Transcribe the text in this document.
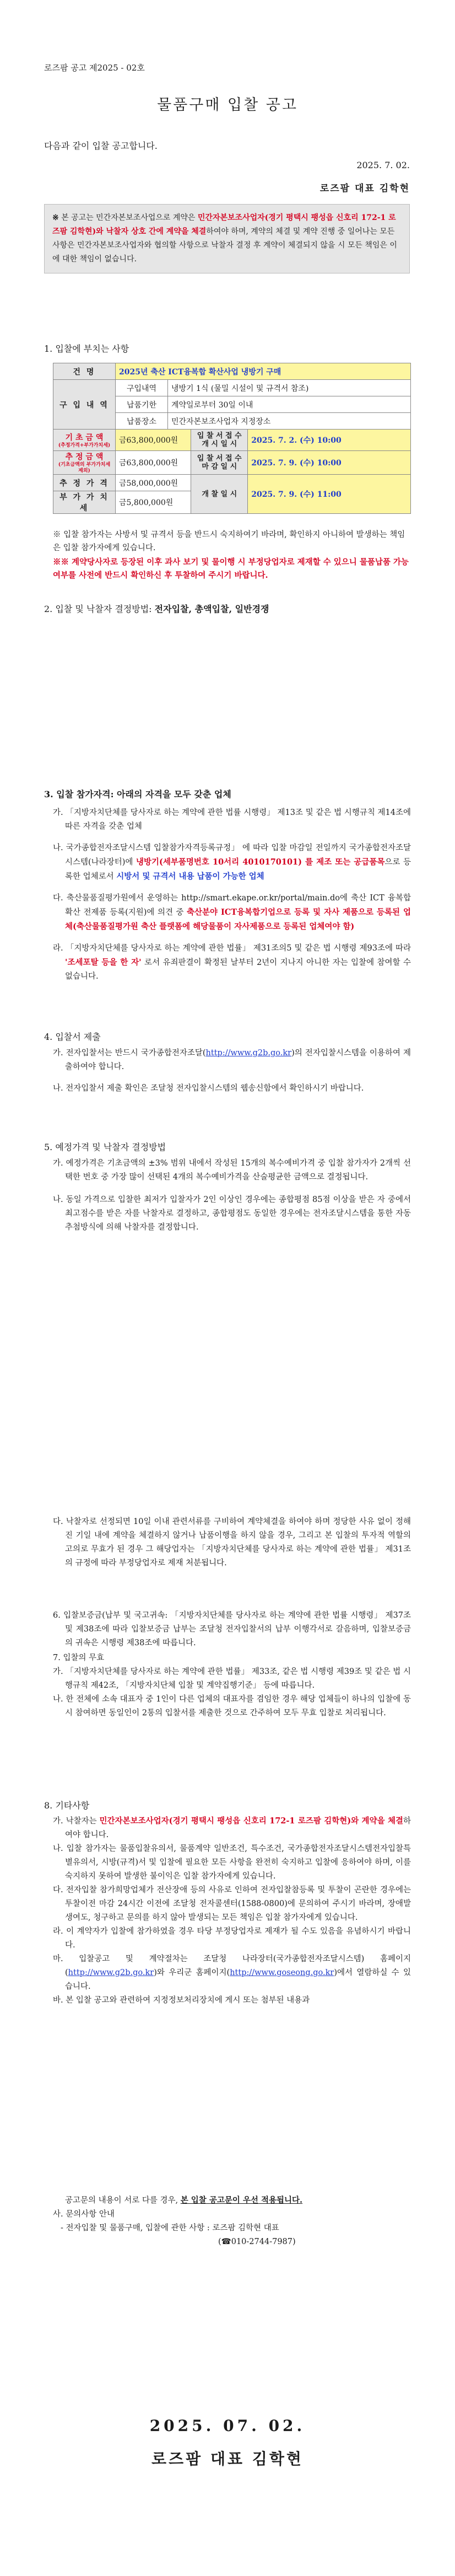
로즈팜 공고 제2025 - 02호
물품구매 입찰 공고
다음과 같이 입찰 공고합니다.
2025. 7. 02.
로즈팜 대표 김학현
※ 본 공고는 민간자본보조사업으로 계약은 민간자본보조사업자(경기 평택시 팽성읍 신호리 172-1 로즈팜 김학현)와 낙찰자 상호 간에 계약을 체결하여야 하며, 계약의 체결 및 계약 진행 중 일어나는 모든 사항은 민간자본보조사업자와 협의할 사항으로 낙찰자 결정 후 계약이 체결되지 않을 시 모든 책임은 이에 대한 책임이 없습니다.
1. 입찰에 부치는 사항
건 명	2025년 축산 ICT융복합 확산사업 냉방기 구매			
구 입 내 역	구입내역	냉방기 1식 (물밀 시설이 및 규격서 참조)		
	납품기한	계약일로부터 30일 이내		
	납품장소	민간자본보조사업자 지정장소		
기 초 금 액
(추정가격+부가가치세)	금63,800,000원		입 찰 서 접 수 개 시 일 시	2025. 7. 2. (수) 10:00
추 정 금 액
(기초금액의 부가가치세 제외)	금63,800,000원		입 찰 서 접 수 마 감 일 시	2025. 7. 9. (수) 10:00
추 정 가 격	금58,000,000원		개 찰 일 시	2025. 7. 9. (수) 11:00
부 가 가 치 세	금5,800,000원			
※ 입찰 참가자는 사방서 및 규격서 등을 반드시 숙지하여기 바라며, 확인하지 아니하여 발생하는 책임은 입찰 참가자에게 있습니다.
※※ 계약당사자로 등장된 이후 과사 보기 및 물이행 시 부정당업자로 제재할 수 있으니 물품납품 가능여부를 사전에 반드시 확인하신 후 투찰하여 주시기 바랍니다.
2. 입찰 및 낙찰자 결정방법: 전자입찰, 총액입찰, 일반경쟁
3. 입찰 참가자격: 아래의 자격을 모두 갖춘 업체
가. 「지방자치단체를 당사자로 하는 계약에 관한 법률 시행령」 제13조 및 같은 법 시행규칙 제14조에 따른 자격을 갖춘 업체
나. 국가종합전자조달시스템 입찰참가자격등록규정」 에 따라 입찰 마감일 전일까지 국가종합전자조달시스템(나라장터)에 냉방기(세부품명번호 10서리 4010170101) 를 제조 또는 공급품목으로 등록한 업체로서 시방서 및 규격서 내용 납품이 가능한 업체
다. 축산물품질평가원에서 운영하는 http://smart.ekape.or.kr/portal/main.do에 축산 ICT 융복합 확산 전제품 등록(지원)에 의견 중 축산분야 ICT융복합기업으로 등록 및 자사 제품으로 등록된 업체(축산물품질평가원 축산 플랫폼에 해당물품이 자사제품으로 등록된 업체여야 함)
라. 「지방자치단체를 당사자로 하는 계약에 관한 법률」 제31조의5 및 같은 법 시행령 제93조에 따라 '조세포탈 등을 한 자' 로서 유죄판결이 확정된 날부터 2년이 지나지 아니한 자는 입찰에 참여할 수 없습니다.
4. 입찰서 제출
가. 전자입찰서는 반드시 국가종합전자조달(http://www.g2b.go.kr)의 전자입찰시스템을 이용하여 제출하여야 합니다.
나. 전자입찰서 제출 확인은 조달청 전자입찰시스템의 웹송신함에서 확인하시기 바랍니다.
5. 예정가격 및 낙찰자 결정방법
가. 예정가격은 기초금액의 ±3% 범위 내에서 작성된 15개의 복수예비가격 중 입찰 참가자가 2개씩 선택한 번호 중 가장 많이 선택된 4개의 복수예비가격을 산술평균한 금액으로 결정됩니다.
나. 동일 가격으로 입찰한 최저가 입찰자가 2인 이상인 경우에는 종합평점 85점 이상을 받은 자 중에서 최고점수를 받은 자를 낙찰자로 결정하고, 종합평점도 동일한 경우에는 전자조달시스템을 통한 자동 추첨방식에 의해 낙찰자를 결정합니다.
다. 낙찰자로 선정되면 10일 이내 관련서류를 구비하여 계약체결을 하여야 하며 정당한 사유 없이 정해진 기일 내에 계약을 체결하지 않거나 납품이행을 하지 않을 경우, 그리고 본 입찰의 투자적 역할의 고의로 무효가 된 경우 그 해당업자는 「지방자치단체를 당사자로 하는 계약에 관한 법률」 제31조의 규정에 따라 부정당업자로 제재 처분됩니다.
6. 입찰보증금(납부 및 국고귀속: 「지방자치단체를 당사자로 하는 계약에 관한 법률 시행령」 제37조 및 제38조에 따라 입찰보증금 납부는 조달청 전자입찰서의 납부 이행각서로 갈음하며, 입찰보증금의 귀속은 시행령 제38조에 따릅니다.
7. 입찰의 무효
가. 「지방자치단체를 당사자로 하는 계약에 관한 법률」 제33조, 같은 법 시행령 제39조 및 같은 법 시행규칙 제42조, 「지방자치단체 입찰 및 계약집행기준」 등에 따릅니다.
나. 한 전체에 소속 대표자 중 1인이 다른 업체의 대표자를 겸임한 경우 해당 업체들이 하나의 입찰에 동시 참여하면 동일인이 2통의 입찰서를 제출한 것으로 간주하여 모두 무효 입찰로 처리됩니다.
8. 기타사항
가. 낙찰자는 민간자본보조사업자(경기 평택시 팽성읍 신호리 172-1 로즈팜 김학현)와 계약을 체결하여야 합니다.
나. 입찰 참가자는 물품입찰유의서, 물품계약 일반조건, 특수조건, 국가종합전자조달시스템전자입찰특별유의서, 시방(규격)서 및 입찰에 필요한 모든 사항을 완전히 숙지하고 입찰에 응하여야 하며, 이를 숙지하지 못하여 발생한 불이익은 입찰 참가자에게 있습니다.
다. 전자입찰 참가희망업체가 전산장애 등의 사유로 인하여 전자입찰참등록 및 투찰이 곤란한 경우에는 투찰이전 마감 24시간 이전에 조달청 전자콜센터(1588-0800)에 문의하여 주시기 바라며, 장애발생여도, 청구하고 문의를 하지 않아 발생되는 모든 책임은 입찰 참가자에게 있습니다.
라. 이 계약자가 입찰에 참가하였을 경우 타당 부정당업자로 제재가 될 수도 있음을 유념하시기 바랍니다.
마. 입찰공고 및 계약절차는 조달청 나라장터(국가종합전자조달시스템) 홈페이지(http://www.g2b.go.kr)와 우리군 홈페이지(http://www.goseong.go.kr)에서 열람하실 수 있습니다.
바. 본 입찰 공고와 관련하여 지정정보처리장치에 게시 또는 첨부된 내용과
공고문의 내용이 서로 다를 경우, 본 입찰 공고문이 우선 적용됩니다.
사. 문의사항 안내
- 전자입찰 및 물품구매, 입찰에 관한 사항 : 로즈팜 김학현 대표
(☎010-2744-7987)
2025. 07. 02.
로즈팜 대표 김학현
